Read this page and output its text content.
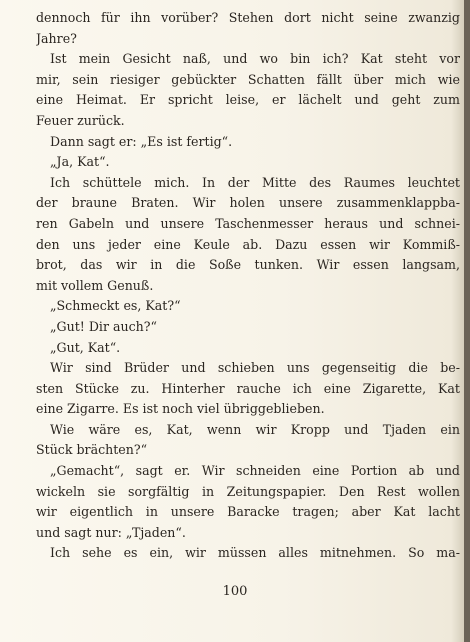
dennoch für ihn vorüber? Stehen dort nicht seine zwanzig
Jahre?
Ist mein Gesicht naß, und wo bin ich? Kat steht vor
mir, sein riesiger gebückter Schatten fällt über mich wie
eine Heimat. Er spricht leise, er lächelt und geht zum
Feuer zurück.
Dann sagt er: „Es ist fertig“.
„Ja, Kat“.
Ich schüttele mich. In der Mitte des Raumes leuchtet
der braune Braten. Wir holen unsere zusammenklappba-
ren Gabeln und unsere Taschenmesser heraus und schnei-
den uns jeder eine Keule ab. Dazu essen wir Kommiß-
brot, das wir in die Soße tunken. Wir essen langsam,
mit vollem Genuß.
„Schmeckt es, Kat?“
„Gut! Dir auch?“
„Gut, Kat“.
Wir sind Brüder und schieben uns gegenseitig die be-
sten Stücke zu. Hinterher rauche ich eine Zigarette, Kat
eine Zigarre. Es ist noch viel übriggeblieben.
Wie wäre es, Kat, wenn wir Kropp und Tjaden ein
Stück brächten?“
„Gemacht“, sagt er. Wir schneiden eine Portion ab und
wickeln sie sorgfältig in Zeitungspapier. Den Rest wollen
wir eigentlich in unsere Baracke tragen; aber Kat lacht
und sagt nur: „Tjaden“.
Ich sehe es ein, wir müssen alles mitnehmen. So ma-
100
